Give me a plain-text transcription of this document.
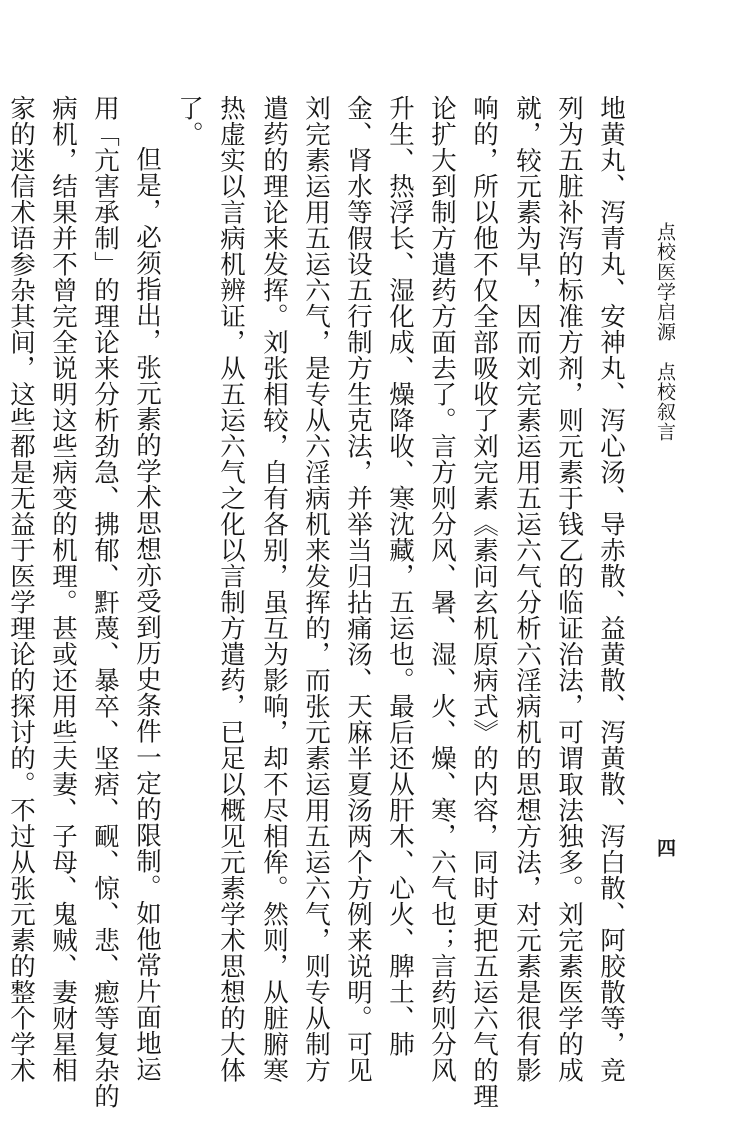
点校医学启源　点校叙言
四
地黄丸、泻青丸、安神丸、泻心汤、导赤散、益黄散、泻黄散、泻白散、阿胶散等，竞
列为五脏补泻的标准方剂，则元素于钱乙的临证治法，可谓取法独多。刘完素医学的成
就，较元素为早，因而刘完素运用五运六气分析六淫病机的思想方法，对元素是很有影
响的，所以他不仅全部吸收了刘完素《素问玄机原病式》的内容，同时更把五运六气的理
论扩大到制方遣药方面去了。言方则分风、暑、湿、火、燥、寒，六气也；言药则分风
升生、热浮长、湿化成、燥降收、寒沈藏，五运也。最后还从肝木、心火、脾土、肺
金、肾水等假设五行制方生克法，并举当归拈痛汤、天麻半夏汤两个方例来说明。可见
刘完素运用五运六气，是专从六淫病机来发挥的，而张元素运用五运六气，则专从制方
遣药的理论来发挥。刘张相较，自有各别，虽互为影响，却不尽相侔。然则，从脏腑寒
热虚实以言病机辨证，从五运六气之化以言制方遣药，已足以概见元素学术思想的大体
了。
但是，必须指出，张元素的学术思想亦受到历史条件一定的限制。如他常片面地运
用「亢害承制」的理论来分析劲急、拂郁、䵟蔑、暴卒、坚痞、䩄、惊、悲、瘛等复杂的
病机，结果并不曾完全说明这些病变的机理。甚或还用些夫妻、子母、鬼贼、妻财星相
家的迷信术语参杂其间，这些都是无益于医学理论的探讨的。不过从张元素的整个学术
